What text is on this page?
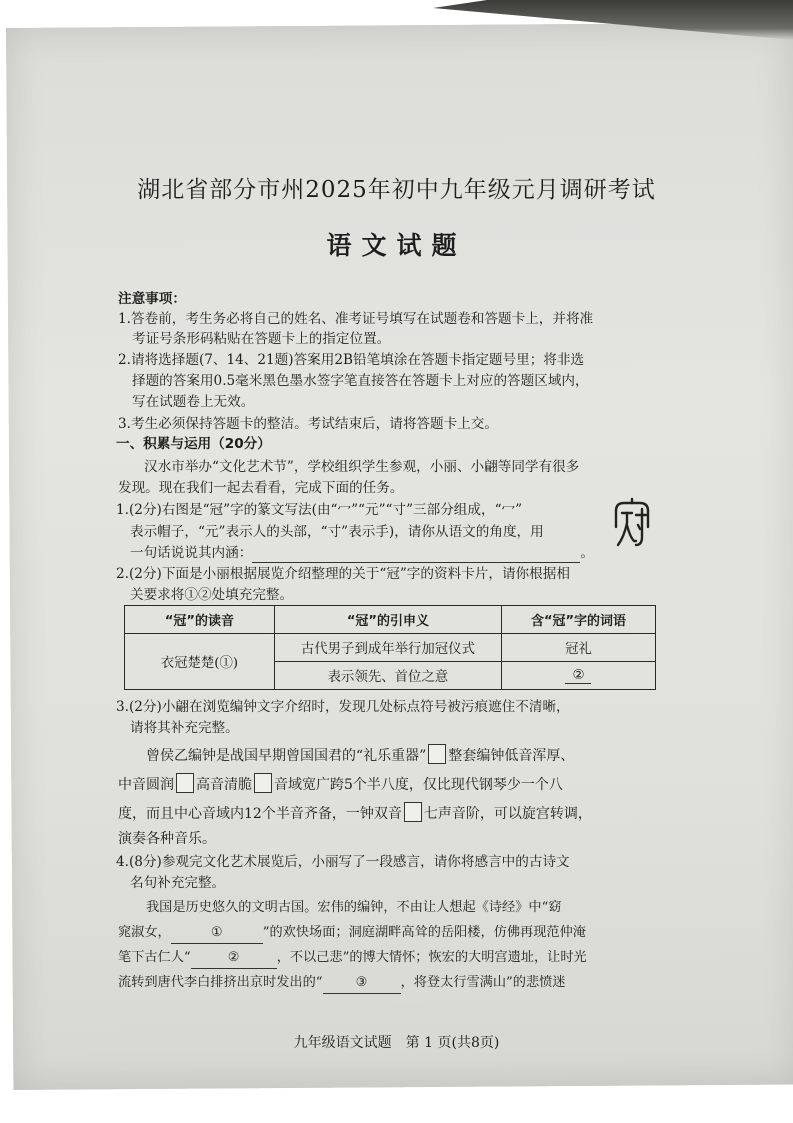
湖北省部分市州2025年初中九年级元月调研考试
语文试题
注意事项：
1.答卷前，考生务必将自己的姓名、准考证号填写在试题卷和答题卡上，并将准
考证号条形码粘贴在答题卡上的指定位置。
2.请将选择题(7、14、21题)答案用2B铅笔填涂在答题卡指定题号里；将非选
择题的答案用0.5毫米黑色墨水签字笔直接答在答题卡上对应的答题区域内，
写在试题卷上无效。
3.考生必须保持答题卡的整洁。考试结束后，请将答题卡上交。
一、积累与运用（20分）
汉水市举办“文化艺术节”，学校组织学生参观，小丽、小翩等同学有很多
发现。现在我们一起去看看，完成下面的任务。
1.(2分)右图是“冠”字的篆文写法(由“冖”“元”“寸”三部分组成，“冖”
表示帽子，“元”表示人的头部，“寸”表示手)，请你从语文的角度，用
一句话说说其内涵：	。
2.(2分)下面是小丽根据展览介绍整理的关于“冠”字的资料卡片，请你根据相
关要求将①②处填充完整。
“冠”的读音	“冠”的引申义	含“冠”字的词语
衣冠楚楚(①)	古代男子到成年举行加冠仪式	冠礼
	表示领先、首位之意	②
3.(2分)小翩在浏览编钟文字介绍时，发现几处标点符号被污痕遮住不清晰，
请将其补充完整。
曾侯乙编钟是战国早期曾国国君的“礼乐重器” 整套编钟低音浑厚、
中音圆润 高音清脆 音域宽广跨5个半八度，仅比现代钢琴少一个八
度，而且中心音域内12个半音齐备，一钟双音 七声音阶，可以旋宫转调，
演奏各种音乐。
4.(8分)参观完文化艺术展览后，小丽写了一段感言，请你将感言中的古诗文
名句补充完整。
我国是历史悠久的文明古国。宏伟的编钟，不由让人想起《诗经》中“窈
窕淑女，	①	”的欢快场面；洞庭湖畔高耸的岳阳楼，仿佛再现范仲淹
笔下古仁人“	②	，不以己悲”的博大情怀；恢宏的大明宫遗址，让时光
流转到唐代李白排挤出京时发出的“	③	，将登太行雪满山”的悲愤迷
九年级语文试题　第 1 页(共8页)
